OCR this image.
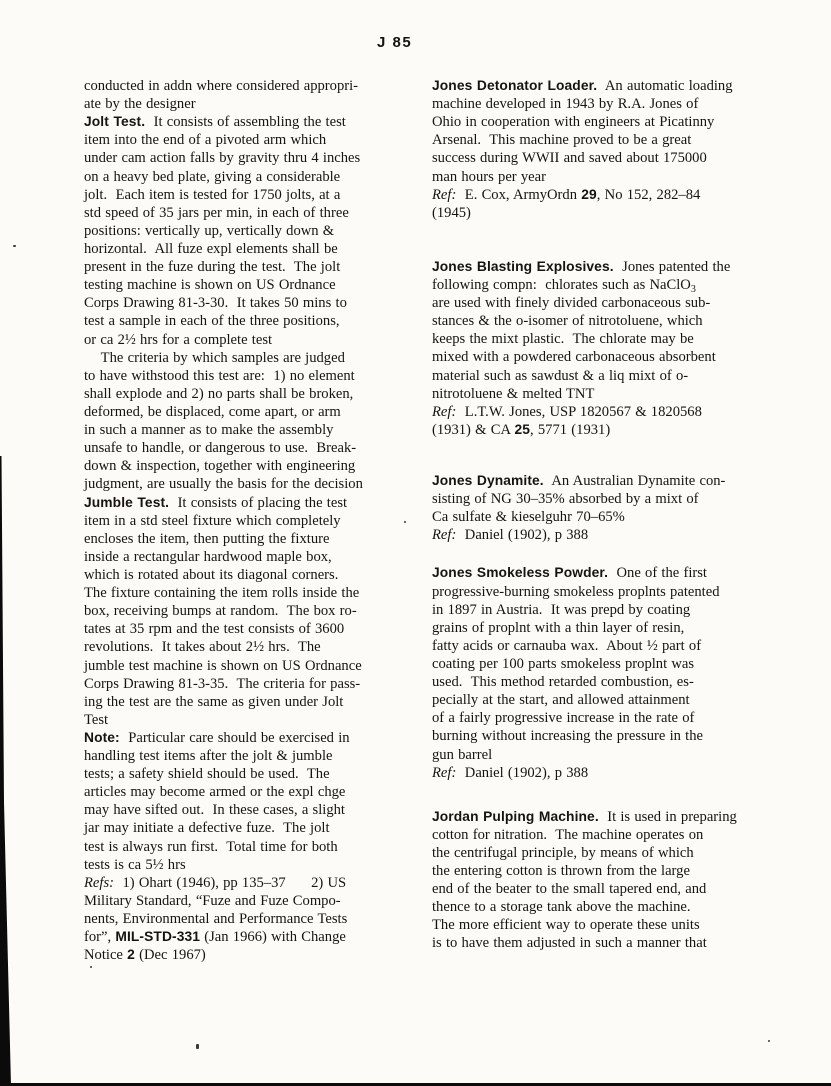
J 85
conducted in addn where considered appropri-
ate by the designer
Jolt Test.  It consists of assembling the test
item into the end of a pivoted arm which
under cam action falls by gravity thru 4 inches
on a heavy bed plate, giving a considerable
jolt.  Each item is tested for 1750 jolts, at a
std speed of 35 jars per min, in each of three
positions: vertically up, vertically down &
horizontal.  All fuze expl elements shall be
present in the fuze during the test.  The jolt
testing machine is shown on US Ordnance
Corps Drawing 81-3-30.  It takes 50 mins to
test a sample in each of the three positions,
or ca 2½ hrs for a complete test
The criteria by which samples are judged
to have withstood this test are:  1) no element
shall explode and 2) no parts shall be broken,
deformed, be displaced, come apart, or arm
in such a manner as to make the assembly
unsafe to handle, or dangerous to use.  Break-
down & inspection, together with engineering
judgment, are usually the basis for the decision
Jumble Test.  It consists of placing the test
item in a std steel fixture which completely
encloses the item, then putting the fixture
inside a rectangular hardwood maple box,
which is rotated about its diagonal corners.
The fixture containing the item rolls inside the
box, receiving bumps at random.  The box ro-
tates at 35 rpm and the test consists of 3600
revolutions.  It takes about 2½ hrs.  The
jumble test machine is shown on US Ordnance
Corps Drawing 81-3-35.  The criteria for pass-
ing the test are the same as given under Jolt
Test
Note:  Particular care should be exercised in
handling test items after the jolt & jumble
tests; a safety shield should be used.  The
articles may become armed or the expl chge
may have sifted out.  In these cases, a slight
jar may initiate a defective fuze.  The jolt
test is always run first.  Total time for both
tests is ca 5½ hrs
Refs:  1) Ohart (1946), pp 135–37      2) US
Military Standard, “Fuze and Fuze Compo-
nents, Environmental and Performance Tests
for”, MIL-STD-331 (Jan 1966) with Change
Notice 2 (Dec 1967)
Jones Detonator Loader.  An automatic loading
machine developed in 1943 by R.A. Jones of
Ohio in cooperation with engineers at Picatinny
Arsenal.  This machine proved to be a great
success during WWII and saved about 175000
man hours per year
Ref:  E. Cox, ArmyOrdn 29, No 152, 282–84
(1945)
Jones Blasting Explosives.  Jones patented the
following compn:  chlorates such as NaClO$_3$
are used with finely divided carbonaceous sub-
stances & the o-isomer of nitrotoluene, which
keeps the mixt plastic.  The chlorate may be
mixed with a powdered carbonaceous absorbent
material such as sawdust & a liq mixt of o-
nitrotoluene & melted TNT
Ref:  L.T.W. Jones, USP 1820567 & 1820568
(1931) & CA 25, 5771 (1931)
Jones Dynamite.  An Australian Dynamite con-
sisting of NG 30–35% absorbed by a mixt of
Ca sulfate & kieselguhr 70–65%
Ref:  Daniel (1902), p 388
Jones Smokeless Powder.  One of the first
progressive-burning smokeless proplnts patented
in 1897 in Austria.  It was prepd by coating
grains of proplnt with a thin layer of resin,
fatty acids or carnauba wax.  About ½ part of
coating per 100 parts smokeless proplnt was
used.  This method retarded combustion, es-
pecially at the start, and allowed attainment
of a fairly progressive increase in the rate of
burning without increasing the pressure in the
gun barrel
Ref:  Daniel (1902), p 388
Jordan Pulping Machine.  It is used in preparing
cotton for nitration.  The machine operates on
the centrifugal principle, by means of which
the entering cotton is thrown from the large
end of the beater to the small tapered end, and
thence to a storage tank above the machine.
The more efficient way to operate these units
is to have them adjusted in such a manner that
